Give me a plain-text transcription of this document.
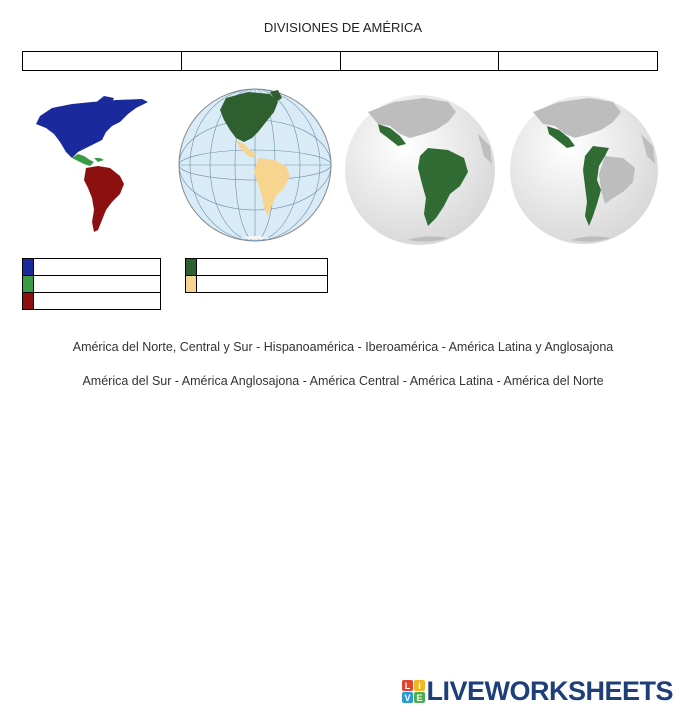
DIVISIONES DE AMÉRICA
América del Norte, Central y Sur - Hispanoamérica - Iberoamérica - América Latina y Anglosajona
América del Sur - América Anglosajona - América Central - América Latina - América del Norte
L I
V E LIVEWORKSHEETS
